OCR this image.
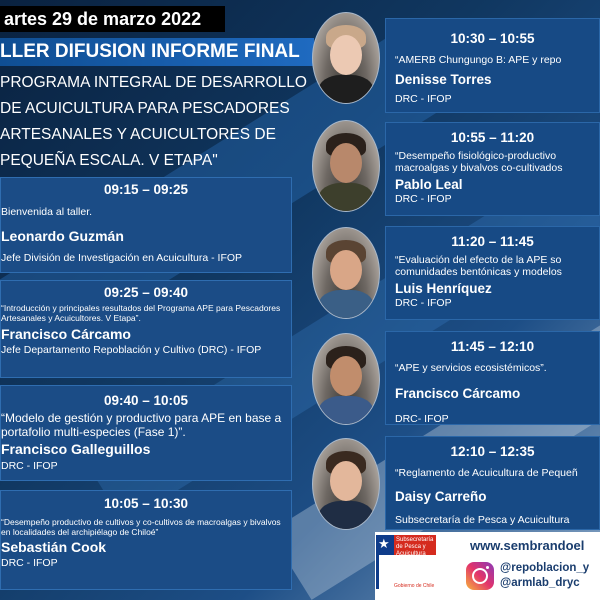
artes 29 de marzo 2022
LLER DIFUSION INFORME FINAL
PROGRAMA INTEGRAL DE DESARROLLO
DE ACUICULTURA PARA PESCADORES
ARTESANALES Y ACUICULTORES DE
PEQUEÑA ESCALA. V ETAPA"
09:15 – 09:25
Bienvenida al taller.
Leonardo Guzmán
Jefe División de Investigación en Acuicultura - IFOP
09:25 – 09:40
“Introducción y principales resultados del Programa APE para Pescadores Artesanales y Acuicultores. V Etapa”.
Francisco Cárcamo
Jefe Departamento Repoblación y Cultivo (DRC) - IFOP
09:40 – 10:05
“Modelo de gestión y productivo para APE en base a portafolio multi-especies (Fase 1)”.
Francisco Galleguillos
DRC - IFOP
10:05 – 10:30
“Desempeño productivo de cultivos y co-cultivos de macroalgas y bivalvos en localidades del archipiélago de Chiloé”
Sebastián Cook
DRC - IFOP
10:30 – 10:55
“AMERB Chungungo B: APE y repo
Denisse Torres
DRC - IFOP
10:55 – 11:20
“Desempeño fisiológico-productivo
macroalgas y bivalvos co-cultivados
Pablo Leal
DRC - IFOP
11:20 – 11:45
“Evaluación del efecto de la APE so
comunidades bentónicas y modelos
Luis Henríquez
DRC - IFOP
11:45 – 12:10
“APE y servicios ecosistémicos”.
Francisco Cárcamo
DRC- IFOP
12:10 – 12:35
“Reglamento de Acuicultura de Pequeñ
Daisy Carreño
Subsecretaría de Pesca y Acuicultura
★ Subsecretaría de Pesca y Acuicultura
Gobierno de Chile
www.sembrandoel
@repoblacion_y
@armlab_dryc
